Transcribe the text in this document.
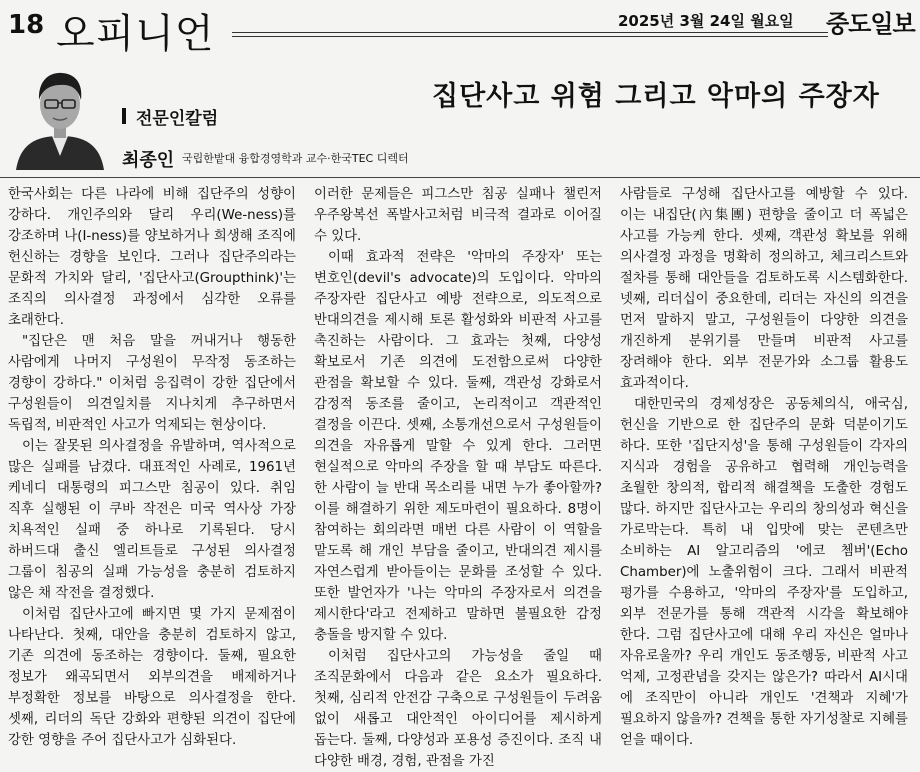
18 오피니언	2025년 3월 24일 월요일 중도일보
집단사고 위험 그리고 악마의 주장자
전문인칼럼
최종인 국립한밭대 융합경영학과 교수·한국TEC 디렉터

한국사회는 다른 나라에 비해 집단주의 성향이 강하다. 개인주의와 달리 우리(We-ness)를 강조하며 나(I-ness)를 양보하거나 희생해 조직에 헌신하는 경향을 보인다. 그러나 집단주의라는 문화적 가치와 달리, '집단사고(Groupthink)'는 조직의 의사결정 과정에서 심각한 오류를 초래한다.

"집단은 맨 처음 말을 꺼내거나 행동한 사람에게 나머지 구성원이 무작정 동조하는 경향이 강하다." 이처럼 응집력이 강한 집단에서 구성원들이 의견일치를 지나치게 추구하면서 독립적, 비판적인 사고가 억제되는 현상이다.

이는 잘못된 의사결정을 유발하며, 역사적으로 많은 실패를 남겼다. 대표적인 사례로, 1961년 케네디 대통령의 피그스만 침공이 있다. 취임 직후 실행된 이 쿠바 작전은 미국 역사상 가장 치욕적인 실패 중 하나로 기록된다. 당시 하버드대 출신 엘리트들로 구성된 의사결정 그룹이 침공의 실패 가능성을 충분히 검토하지 않은 채 작전을 결정했다.

이처럼 집단사고에 빠지면 몇 가지 문제점이 나타난다. 첫째, 대안을 충분히 검토하지 않고, 기존 의견에 동조하는 경향이다. 둘째, 필요한 정보가 왜곡되면서 외부의견을 배제하거나 부정확한 정보를 바탕으로 의사결정을 한다. 셋째, 리더의 독단 강화와 편향된 의견이 집단에 강한 영향을 주어 집단사고가 심화된다.

이러한 문제들은 피그스만 침공 실패나 챌린저 우주왕복선 폭발사고처럼 비극적 결과로 이어질 수 있다.

이때 효과적 전략은 '악마의 주장자' 또는 변호인(devil's advocate)의 도입이다. 악마의 주장자란 집단사고 예방 전략으로, 의도적으로 반대의견을 제시해 토론 활성화와 비판적 사고를 촉진하는 사람이다. 그 효과는 첫째, 다양성 확보로서 기존 의견에 도전함으로써 다양한 관점을 확보할 수 있다. 둘째, 객관성 강화로서 감정적 동조를 줄이고, 논리적이고 객관적인 결정을 이끈다. 셋째, 소통개선으로서 구성원들이 의견을 자유롭게 말할 수 있게 한다. 그러면 현실적으로 악마의 주장을 할 때 부담도 따른다. 한 사람이 늘 반대 목소리를 내면 누가 좋아할까? 이를 해결하기 위한 제도마련이 필요하다. 8명이 참여하는 회의라면 매번 다른 사람이 이 역할을 맡도록 해 개인 부담을 줄이고, 반대의견 제시를 자연스럽게 받아들이는 문화를 조성할 수 있다. 또한 발언자가 '나는 악마의 주장자로서 의견을 제시한다'라고 전제하고 말하면 불필요한 감정 충돌을 방지할 수 있다.

이처럼 집단사고의 가능성을 줄일 때 조직문화에서 다음과 같은 요소가 필요하다. 첫째, 심리적 안전감 구축으로 구성원들이 두려움 없이 새롭고 대안적인 아이디어를 제시하게 돕는다. 둘째, 다양성과 포용성 증진이다. 조직 내 다양한 배경, 경험, 관점을 가진

사람들로 구성해 집단사고를 예방할 수 있다. 이는 내집단(內集團) 편향을 줄이고 더 폭넓은 사고를 가능케 한다. 셋째, 객관성 확보를 위해 의사결정 과정을 명확히 정의하고, 체크리스트와 절차를 통해 대안들을 검토하도록 시스템화한다. 넷째, 리더십이 중요한데, 리더는 자신의 의견을 먼저 말하지 말고, 구성원들이 다양한 의견을 개진하게 분위기를 만들며 비판적 사고를 장려해야 한다. 외부 전문가와 소그룹 활용도 효과적이다.

대한민국의 경제성장은 공동체의식, 애국심, 헌신을 기반으로 한 집단주의 문화 덕분이기도 하다. 또한 '집단지성'을 통해 구성원들이 각자의 지식과 경험을 공유하고 협력해 개인능력을 초월한 창의적, 합리적 해결책을 도출한 경험도 많다. 하지만 집단사고는 우리의 창의성과 혁신을 가로막는다. 특히 내 입맛에 맞는 콘텐츠만 소비하는 AI 알고리즘의 '에코 쳄버'(Echo Chamber)에 노출위험이 크다. 그래서 비판적 평가를 수용하고, '악마의 주장자'를 도입하고, 외부 전문가를 통해 객관적 시각을 확보해야 한다. 그럼 집단사고에 대해 우리 자신은 얼마나 자유로울까? 우리 개인도 동조행동, 비판적 사고 억제, 고정관념을 갖지는 않은가? 따라서 AI시대 에 조직만이 아니라 개인도 '견책과 지혜'가 필요하지 않을까? 견책을 통한 자기성찰로 지혜를 얻을 때이다.
